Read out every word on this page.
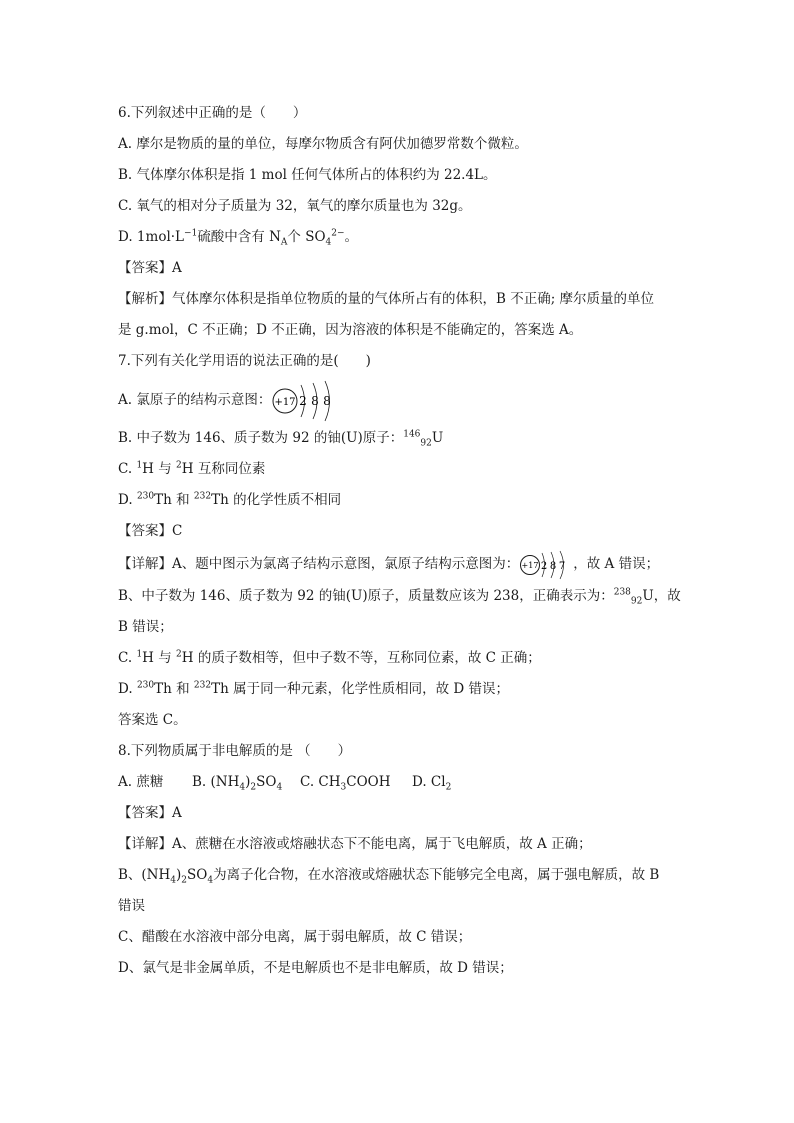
6.下列叙述中正确的是（　　）
A. 摩尔是物质的量的单位，每摩尔物质含有阿伏加德罗常数个微粒。
B. 气体摩尔体积是指 1 mol 任何气体所占的体积约为 22.4L。
C. 氧气的相对分子质量为 32，氧气的摩尔质量也为 32g。
D. $1mol\cdot L^{-1}$硫酸中含有 $N_A$个 $SO_4^{2-}$。
【答案】A
【解析】气体摩尔体积是指单位物质的量的气体所占有的体积，B 不正确; 摩尔质量的单位
是 g.mol，C 不正确；D 不正确，因为溶液的体积是不能确定的，答案选 A。
7.下列有关化学用语的说法正确的是(　　)
A. 氯原子的结构示意图： +17 2 8 8
B. 中子数为 146、质子数为 92 的铀(U)原子：$^{146}_{92}$U
C. $^1$H 与 $^2$H 互称同位素
D. $^{230}$Th 和 $^{232}$Th 的化学性质不相同
【答案】C
【详解】A、题中图示为氯离子结构示意图，氯原子结构示意图为： +17 2 8 7 ，故 A 错误；
B、中子数为 146、质子数为 92 的铀(U)原子，质量数应该为 238，正确表示为：$^{238}_{92}$U，故
B 错误；
C. $^1$H 与 $^2$H 的质子数相等，但中子数不等，互称同位素，故 C 正确；
D. $^{230}$Th 和 $^{232}$Th 属于同一种元素，化学性质相同，故 D 错误；
答案选 C。
8.下列物质属于非电解质的是 （　　）
A. 蔗糖 B. $(NH_4)_2SO_4$ C. $CH_3COOH$ D. $Cl_2$
【答案】A
【详解】A、蔗糖在水溶液或熔融状态下不能电离，属于飞电解质，故 A 正确；
B、$(NH_4)_2SO_4$为离子化合物，在水溶液或熔融状态下能够完全电离，属于强电解质，故 B
错误
C、醋酸在水溶液中部分电离，属于弱电解质，故 C 错误；
D、氯气是非金属单质，不是电解质也不是非电解质，故 D 错误；
